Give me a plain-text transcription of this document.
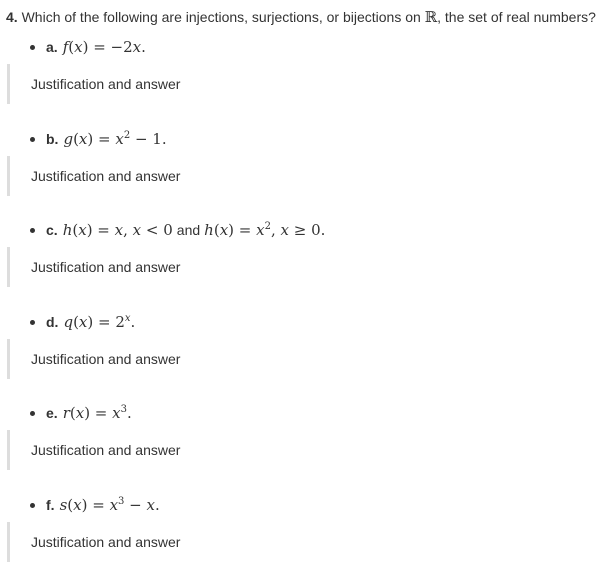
4. Which of the following are injections, surjections, or bijections on ℝ, the set of real numbers?
a. f(x) = −2x.
Justification and answer
b. $g(x) = x^2 - 1$.
Justification and answer
c. h(x) = x, x < 0 and $h(x) = x^2$, x ≥ 0.
Justification and answer
d. $q(x) = 2^x$.
Justification and answer
e. $r(x) = x^3$.
Justification and answer
f. $s(x) = x^3 - x$.
Justification and answer
